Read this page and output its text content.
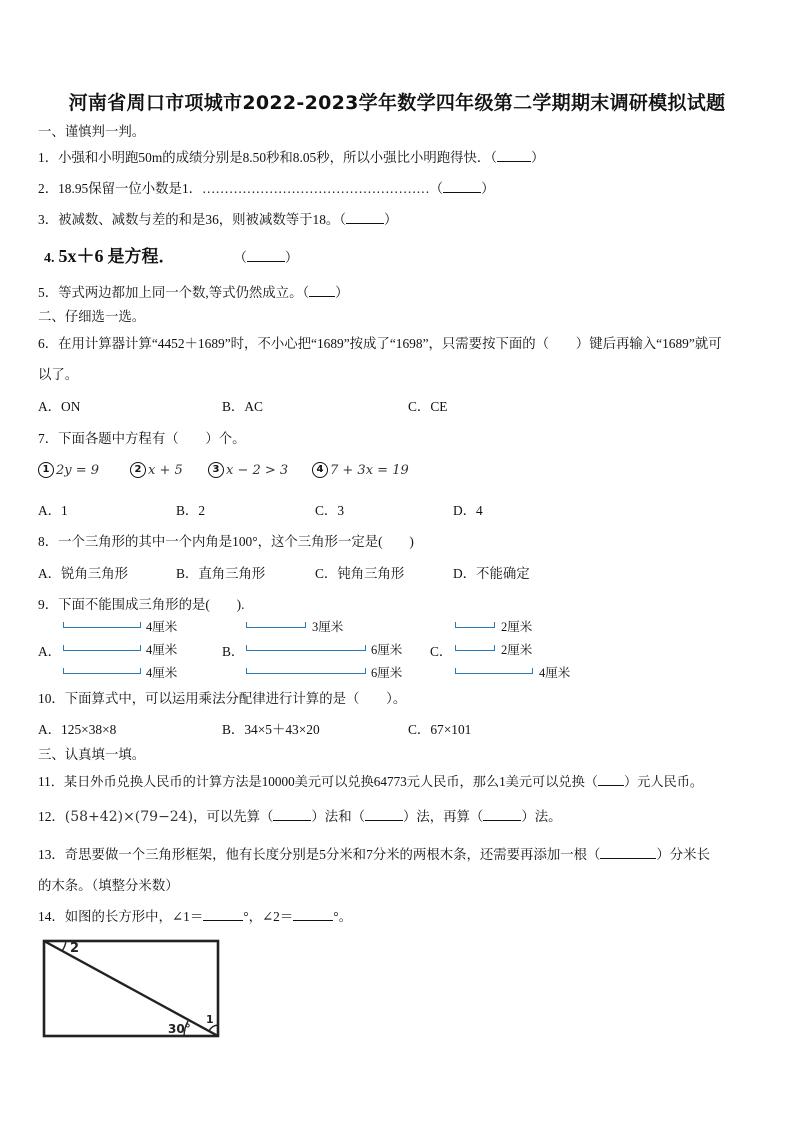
河南省周口市项城市2022-2023学年数学四年级第二学期期末调研模拟试题
一、谨慎判一判。
1．小强和小明跑50m的成绩分别是8.50秒和8.05秒，所以小强比小明跑得快．（	）
2．18.95保留一位小数是1．……………………………………………（	）
3．被减数、减数与差的和是36，则被减数等于18。（	）
4. 5x＋6 是方程．	（	）
5．等式两边都加上同一个数,等式仍然成立。（ ）
二、仔细选一选。
6．在用计算器计算“4452＋1689”时，不小心把“1689”按成了“1698”，只需要按下面的（　　）键后再输入“1689”就可
以了。
A．ON	B．AC	C．CE
7．下面各题中方程有（　　）个。
1 2y = 9	2 x + 5	3 x − 2 > 3	4 7 + 3x = 19
A．1	B．2	C．3	D．4
8．一个三角形的其中一个内角是100°，这个三角形一定是(　　)
A．锐角三角形	B．直角三角形	C．钝角三角形	D．不能确定
9．下面不能围成三角形的是(　　).
A．
4厘米
4厘米
4厘米
B．
3厘米
6厘米
6厘米
C．
2厘米
2厘米
4厘米
10．下面算式中，可以运用乘法分配律进行计算的是（　　）。
A．125×38×8	B．34×5＋43×20	C．67×101
三、认真填一填。
11．某日外币兑换人民币的计算方法是10000美元可以兑换64773元人民币，那么1美元可以兑换（ ）元人民币。
12．(58+42)×(79−24)，可以先算（	）法和（	）法，再算（	）法。
13．奇思要做一个三角形框架，他有长度分别是5分米和7分米的两根木条，还需要再添加一根（	）分米长
的木条。（填整分米数）
14．如图的长方形中，∠1＝	°，∠2＝	°。
2
30°
1
